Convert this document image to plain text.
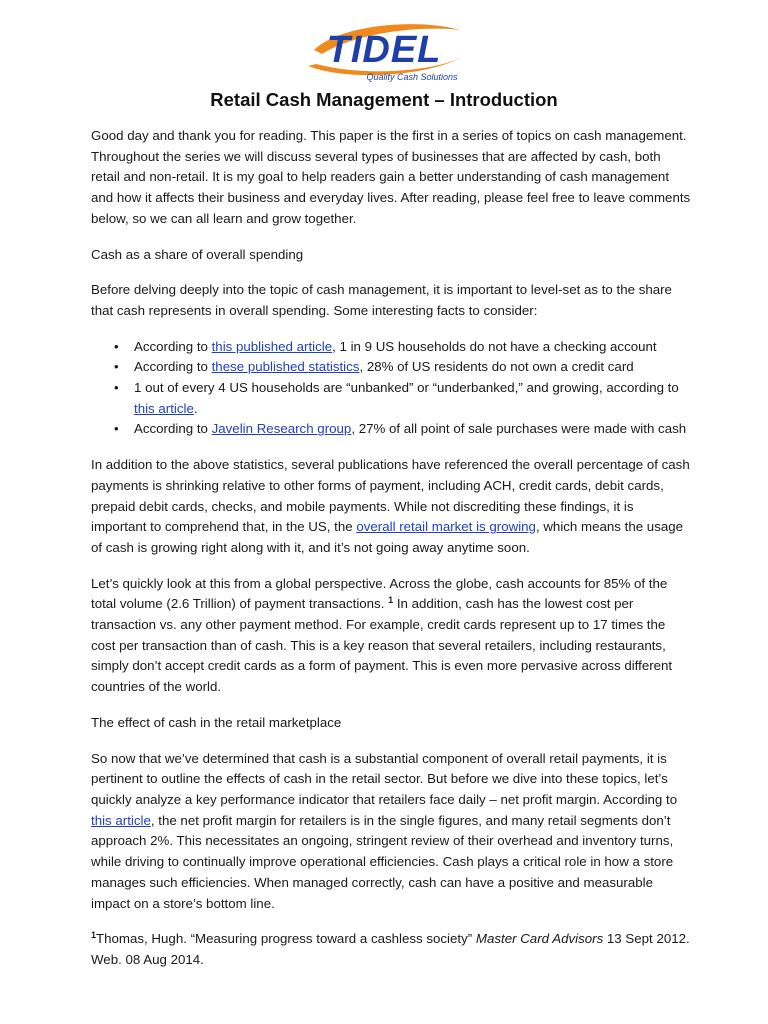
TIDEL
Quality Cash Solutions
Retail Cash Management – Introduction

Good day and thank you for reading. This paper is the first in a series of topics on cash management. Throughout the series we will discuss several types of businesses that are affected by cash, both retail and non-retail. It is my goal to help readers gain a better understanding of cash management and how it affects their business and everyday lives. After reading, please feel free to leave comments below, so we can all learn and grow together.

Cash as a share of overall spending

Before delving deeply into the topic of cash management, it is important to level-set as to the share that cash represents in overall spending. Some interesting facts to consider:

• According to this published article, 1 in 9 US households do not have a checking account
• According to these published statistics, 28% of US residents do not own a credit card
• 1 out of every 4 US households are “unbanked” or “underbanked,” and growing, according to this article.
• According to Javelin Research group, 27% of all point of sale purchases were made with cash

In addition to the above statistics, several publications have referenced the overall percentage of cash payments is shrinking relative to other forms of payment, including ACH, credit cards, debit cards, prepaid debit cards, checks, and mobile payments. While not discrediting these findings, it is important to comprehend that, in the US, the overall retail market is growing, which means the usage of cash is growing right along with it, and it’s not going away anytime soon.

Let’s quickly look at this from a global perspective. Across the globe, cash accounts for 85% of the total volume (2.6 Trillion) of payment transactions. $^1$ In addition, cash has the lowest cost per transaction vs. any other payment method. For example, credit cards represent up to 17 times the cost per transaction than of cash. This is a key reason that several retailers, including restaurants, simply don’t accept credit cards as a form of payment. This is even more pervasive across different countries of the world.

The effect of cash in the retail marketplace

So now that we’ve determined that cash is a substantial component of overall retail payments, it is pertinent to outline the effects of cash in the retail sector. But before we dive into these topics, let’s quickly analyze a key performance indicator that retailers face daily – net profit margin. According to this article, the net profit margin for retailers is in the single figures, and many retail segments don’t approach 2%. This necessitates an ongoing, stringent review of their overhead and inventory turns, while driving to continually improve operational efficiencies. Cash plays a critical role in how a store manages such efficiencies. When managed correctly, cash can have a positive and measurable impact on a store’s bottom line.

$^1$Thomas, Hugh. “Measuring progress toward a cashless society” Master Card Advisors 13 Sept 2012. Web. 08 Aug 2014.
